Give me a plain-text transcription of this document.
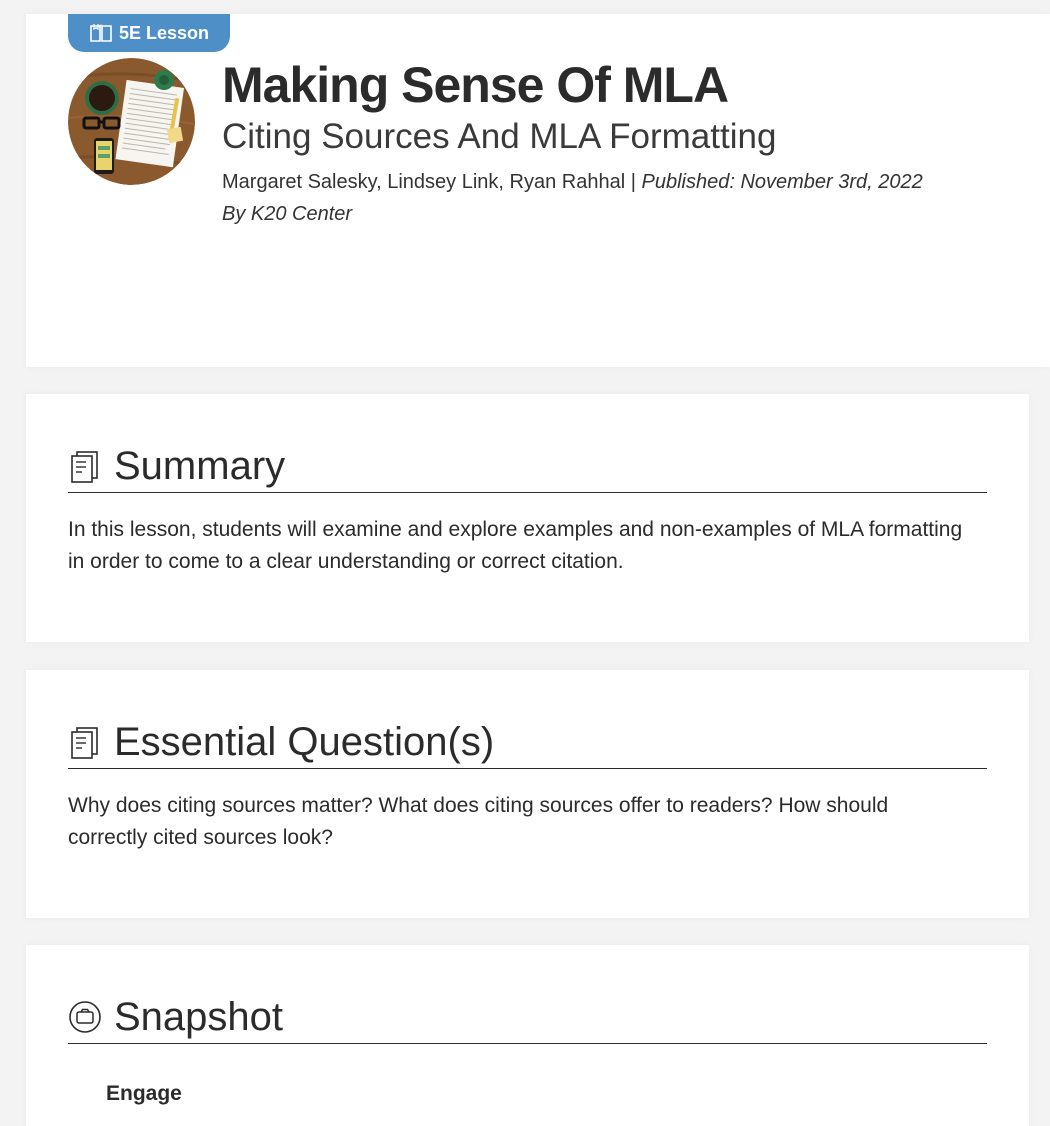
5E Lesson
Making Sense Of MLA
Citing Sources And MLA Formatting
Margaret Salesky, Lindsey Link, Ryan Rahhal | Published: November 3rd, 2022
By K20 Center
Summary
In this lesson, students will examine and explore examples and non-examples of MLA formatting in order to come to a clear understanding or correct citation.
Essential Question(s)
Why does citing sources matter? What does citing sources offer to readers? How should correctly cited sources look?
Snapshot
Engage
